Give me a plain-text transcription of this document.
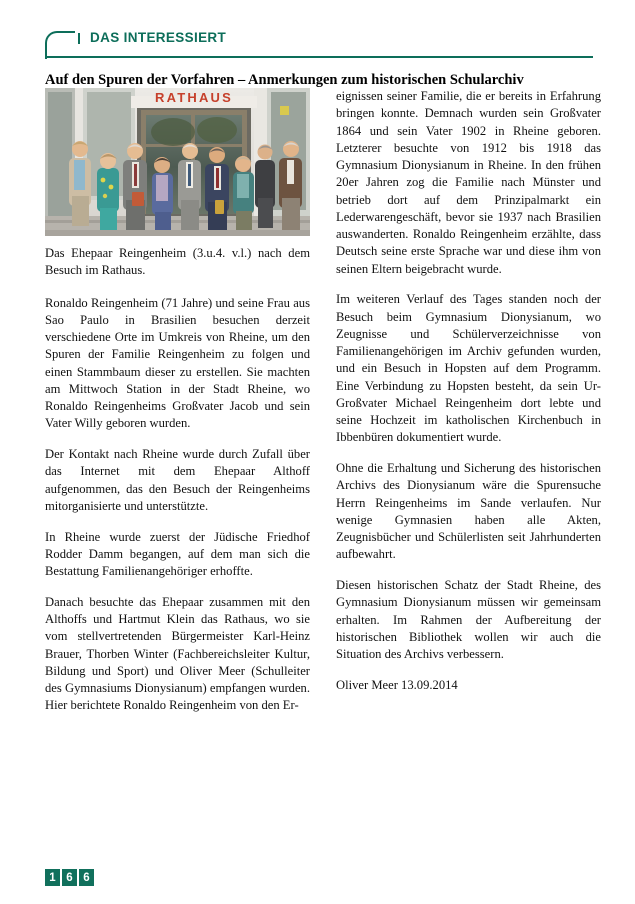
DAS INTERESSIERT
Auf den Spuren der Vorfahren – Anmerkungen zum historischen Schularchiv
RATHAUS
Das Ehepaar Reingenheim (3.u.4. v.l.) nach dem Besuch im Rathaus.

Ronaldo Reingenheim (71 Jahre) und seine Frau aus Sao Paulo in Brasilien besuchen derzeit verschiedene Orte im Umkreis von Rheine, um den Spuren der Familie Reingenheim zu folgen und einen Stammbaum dieser zu erstellen. Sie machten am Mittwoch Station in der Stadt Rheine, wo Ronaldo Reingenheims Großvater Jacob und sein Vater Willy geboren wurden.

Der Kontakt nach Rheine wurde durch Zufall über das Internet mit dem Ehepaar Althoff aufgenommen, das den Besuch der Reingenheims mitorganisierte und unterstützte.

In Rheine wurde zuerst der Jüdische Friedhof Rodder Damm begangen, auf dem man sich die Bestattung Familienangehöriger erhoffte.

Danach besuchte das Ehepaar zusammen mit den Althoffs und Hartmut Klein das Rathaus, wo sie vom stellvertretenden Bürgermeister Karl-Heinz Brauer, Thorben Winter (Fachbereichsleiter Kultur, Bildung und Sport) und Oliver Meer (Schulleiter des Gymnasiums Dionysianum) empfangen wurden. Hier berichtete Ronaldo Reingenheim von den Er-

eignissen seiner Familie, die er bereits in Erfahrung bringen konnte. Demnach wurden sein Großvater 1864 und sein Vater 1902 in Rheine geboren. Letzterer besuchte von 1912 bis 1918 das Gymnasium Dionysianum in Rheine. In den frühen 20er Jahren zog die Familie nach Münster und betrieb dort auf dem Prinzipalmarkt ein Lederwarengeschäft, bevor sie 1937 nach Brasilien auswanderten. Ronaldo Reingenheim erzählte, dass Deutsch seine erste Sprache war und diese ihm von seinen Eltern beigebracht wurde.

Im weiteren Verlauf des Tages standen noch der Besuch beim Gymnasium Dionysianum, wo Zeugnisse und Schülerverzeichnisse von Familienangehörigen im Archiv gefunden wurden, und ein Besuch in Hopsten auf dem Programm. Eine Verbindung zu Hopsten besteht, da sein Ur-Großvater Michael Reingenheim dort lebte und seine Hochzeit im katholischen Kirchenbuch in Ibbenbüren dokumentiert wurde.

Ohne die Erhaltung und Sicherung des historischen Archivs des Dionysianum wäre die Spurensuche Herrn Reingenheims im Sande verlaufen. Nur wenige Gymnasien haben alle Akten, Zeugnisbücher und Schülerlisten seit Jahrhunderten aufbewahrt.

Diesen historischen Schatz der Stadt Rheine, des Gymnasium Dionysianum müssen wir gemeinsam erhalten. Im Rahmen der Aufbereitung der historischen Bibliothek wollen wir auch die Situation des Archivs verbessern.

Oliver Meer 13.09.2014

1 6 6
